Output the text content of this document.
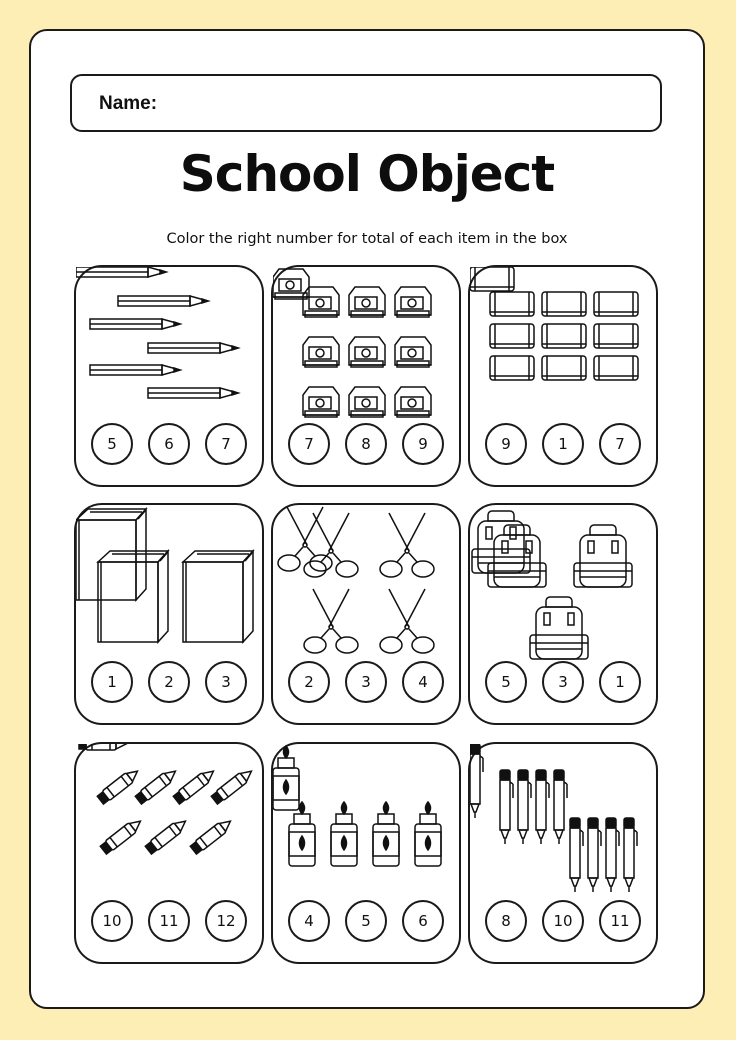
Name:
School Object
Color the right number for total of each item in the box
5	6	7	7	8	9	9	1	7
1	2	3	2	3	4	5	3	1
10	11	12	4	5	6	8	10	11
